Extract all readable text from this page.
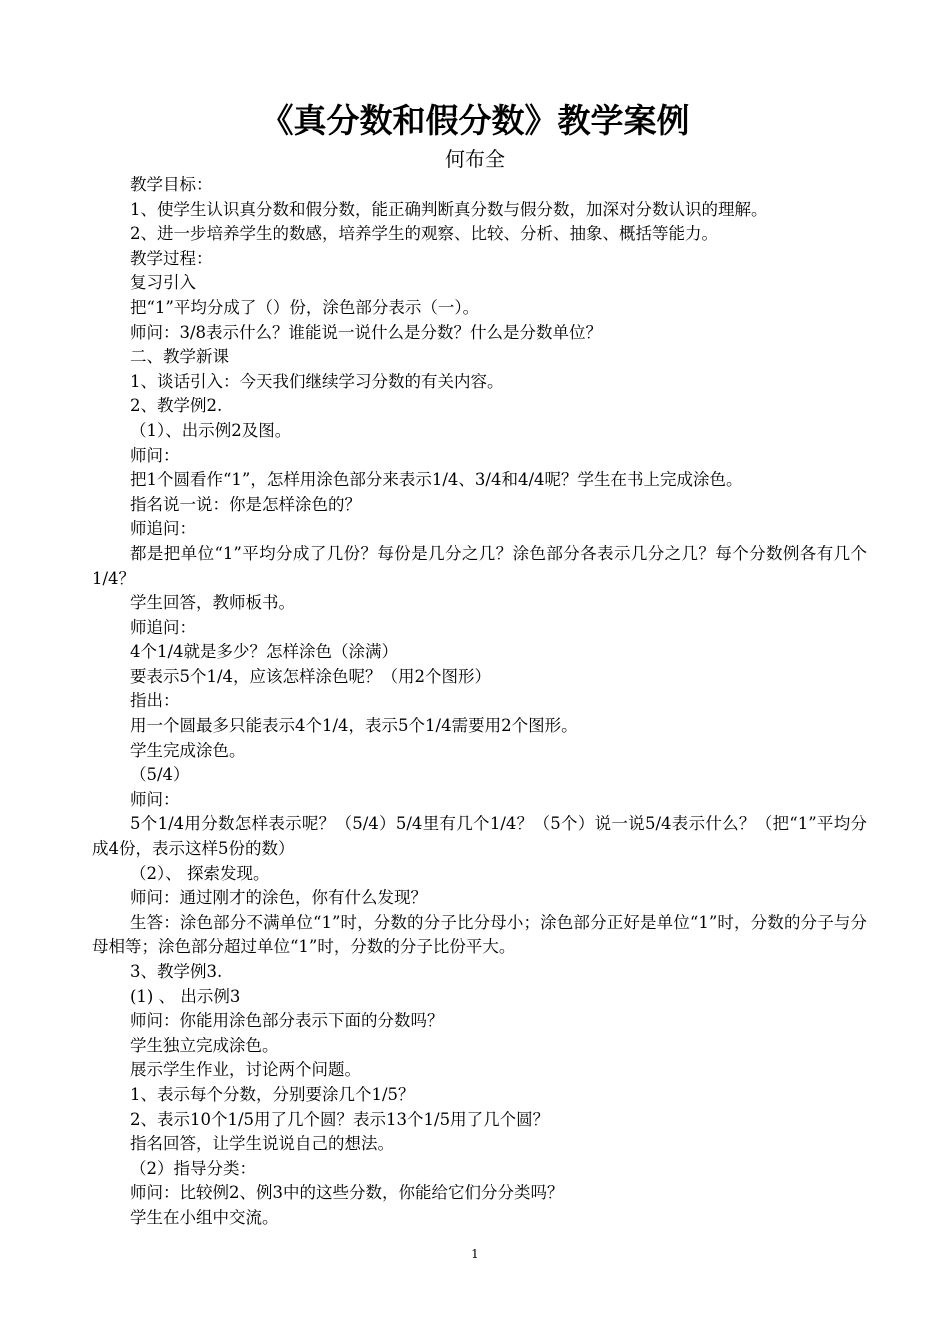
《真分数和假分数》教学案例
何布全

教学目标：

1、使学生认识真分数和假分数，能正确判断真分数与假分数，加深对分数认识的理解。

2、进一步培养学生的数感，培养学生的观察、比较、分析、抽象、概括等能力。

教学过程：

复习引入

把“1”平均分成了（）份，涂色部分表示（一）。

师问：3/8表示什么？谁能说一说什么是分数？什么是分数单位？

二、教学新课

1、谈话引入：今天我们继续学习分数的有关内容。

2、教学例2.

（1）、出示例2及图。

师问：

把1个圆看作“1”，怎样用涂色部分来表示1/4、3/4和4/4呢？学生在书上完成涂色。

指名说一说：你是怎样涂色的？

师追问：

都是把单位“1”平均分成了几份？每份是几分之几？涂色部分各表示几分之几？每个分数例各有几个1/4？

学生回答，教师板书。

师追问：

4个1/4就是多少？怎样涂色（涂满）

要表示5个1/4，应该怎样涂色呢？（用2个图形）

指出：

用一个圆最多只能表示4个1/4，表示5个1/4需要用2个图形。

学生完成涂色。

（5/4）

师问：

5个1/4用分数怎样表示呢？（5/4）5/4里有几个1/4？（5个）说一说5/4表示什么？（把“1”平均分成4份，表示这样5份的数）

（2）、 探索发现。

师问：通过刚才的涂色，你有什么发现？

生答：涂色部分不满单位“1”时，分数的分子比分母小；涂色部分正好是单位“1”时，分数的分子与分母相等；涂色部分超过单位“1”时，分数的分子比份平大。

3、教学例3.

(1) 、 出示例3

师问：你能用涂色部分表示下面的分数吗？

学生独立完成涂色。

展示学生作业，讨论两个问题。

1、表示每个分数，分别要涂几个1/5？

2、表示10个1/5用了几个圆？表示13个1/5用了几个圆？

指名回答，让学生说说自己的想法。

（2）指导分类：

师问：比较例2、例3中的这些分数，你能给它们分分类吗？

学生在小组中交流。

1
